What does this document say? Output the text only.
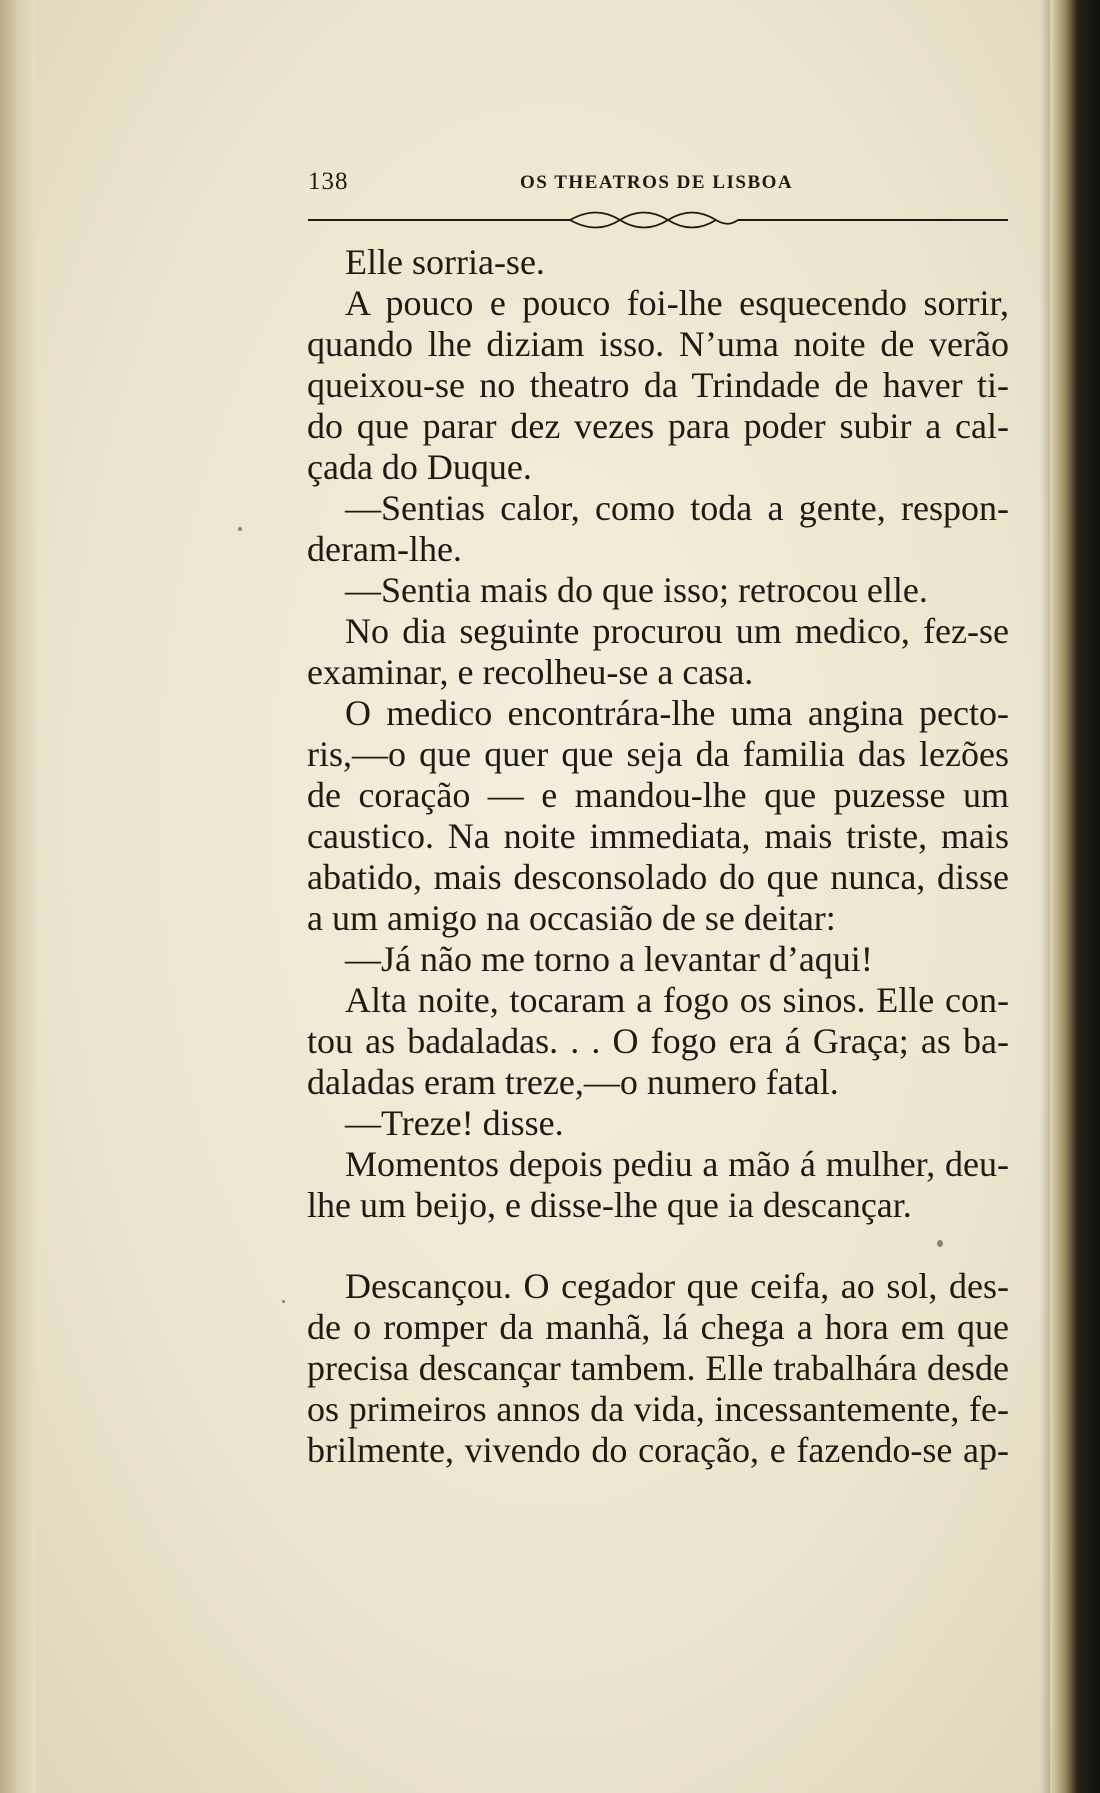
138	OS THEATROS DE LISBOA
Elle sorria-se.
A pouco e pouco foi-lhe esquecendo sorrir,
quando lhe diziam isso. N’uma noite de verão
queixou-se no theatro da Trindade de haver ti-
do que parar dez vezes para poder subir a cal-
çada do Duque.
—Sentias calor, como toda a gente, respon-
deram-lhe.
—Sentia mais do que isso; retrocou elle.
No dia seguinte procurou um medico, fez-se
examinar, e recolheu-se a casa.
O medico encontrára-lhe uma angina pecto-
ris,—o que quer que seja da familia das lezões
de coração — e mandou-lhe que puzesse um
caustico. Na noite immediata, mais triste, mais
abatido, mais desconsolado do que nunca, disse
a um amigo na occasião de se deitar:
—Já não me torno a levantar d’aqui!
Alta noite, tocaram a fogo os sinos. Elle con-
tou as badaladas. . . O fogo era á Graça; as ba-
daladas eram treze,—o numero fatal.
—Treze! disse.
Momentos depois pediu a mão á mulher, deu-
lhe um beijo, e disse-lhe que ia descançar.
Descançou. O cegador que ceifa, ao sol, des-
de o romper da manhã, lá chega a hora em que
precisa descançar tambem. Elle trabalhára desde
os primeiros annos da vida, incessantemente, fe-
brilmente, vivendo do coração, e fazendo-se ap-
